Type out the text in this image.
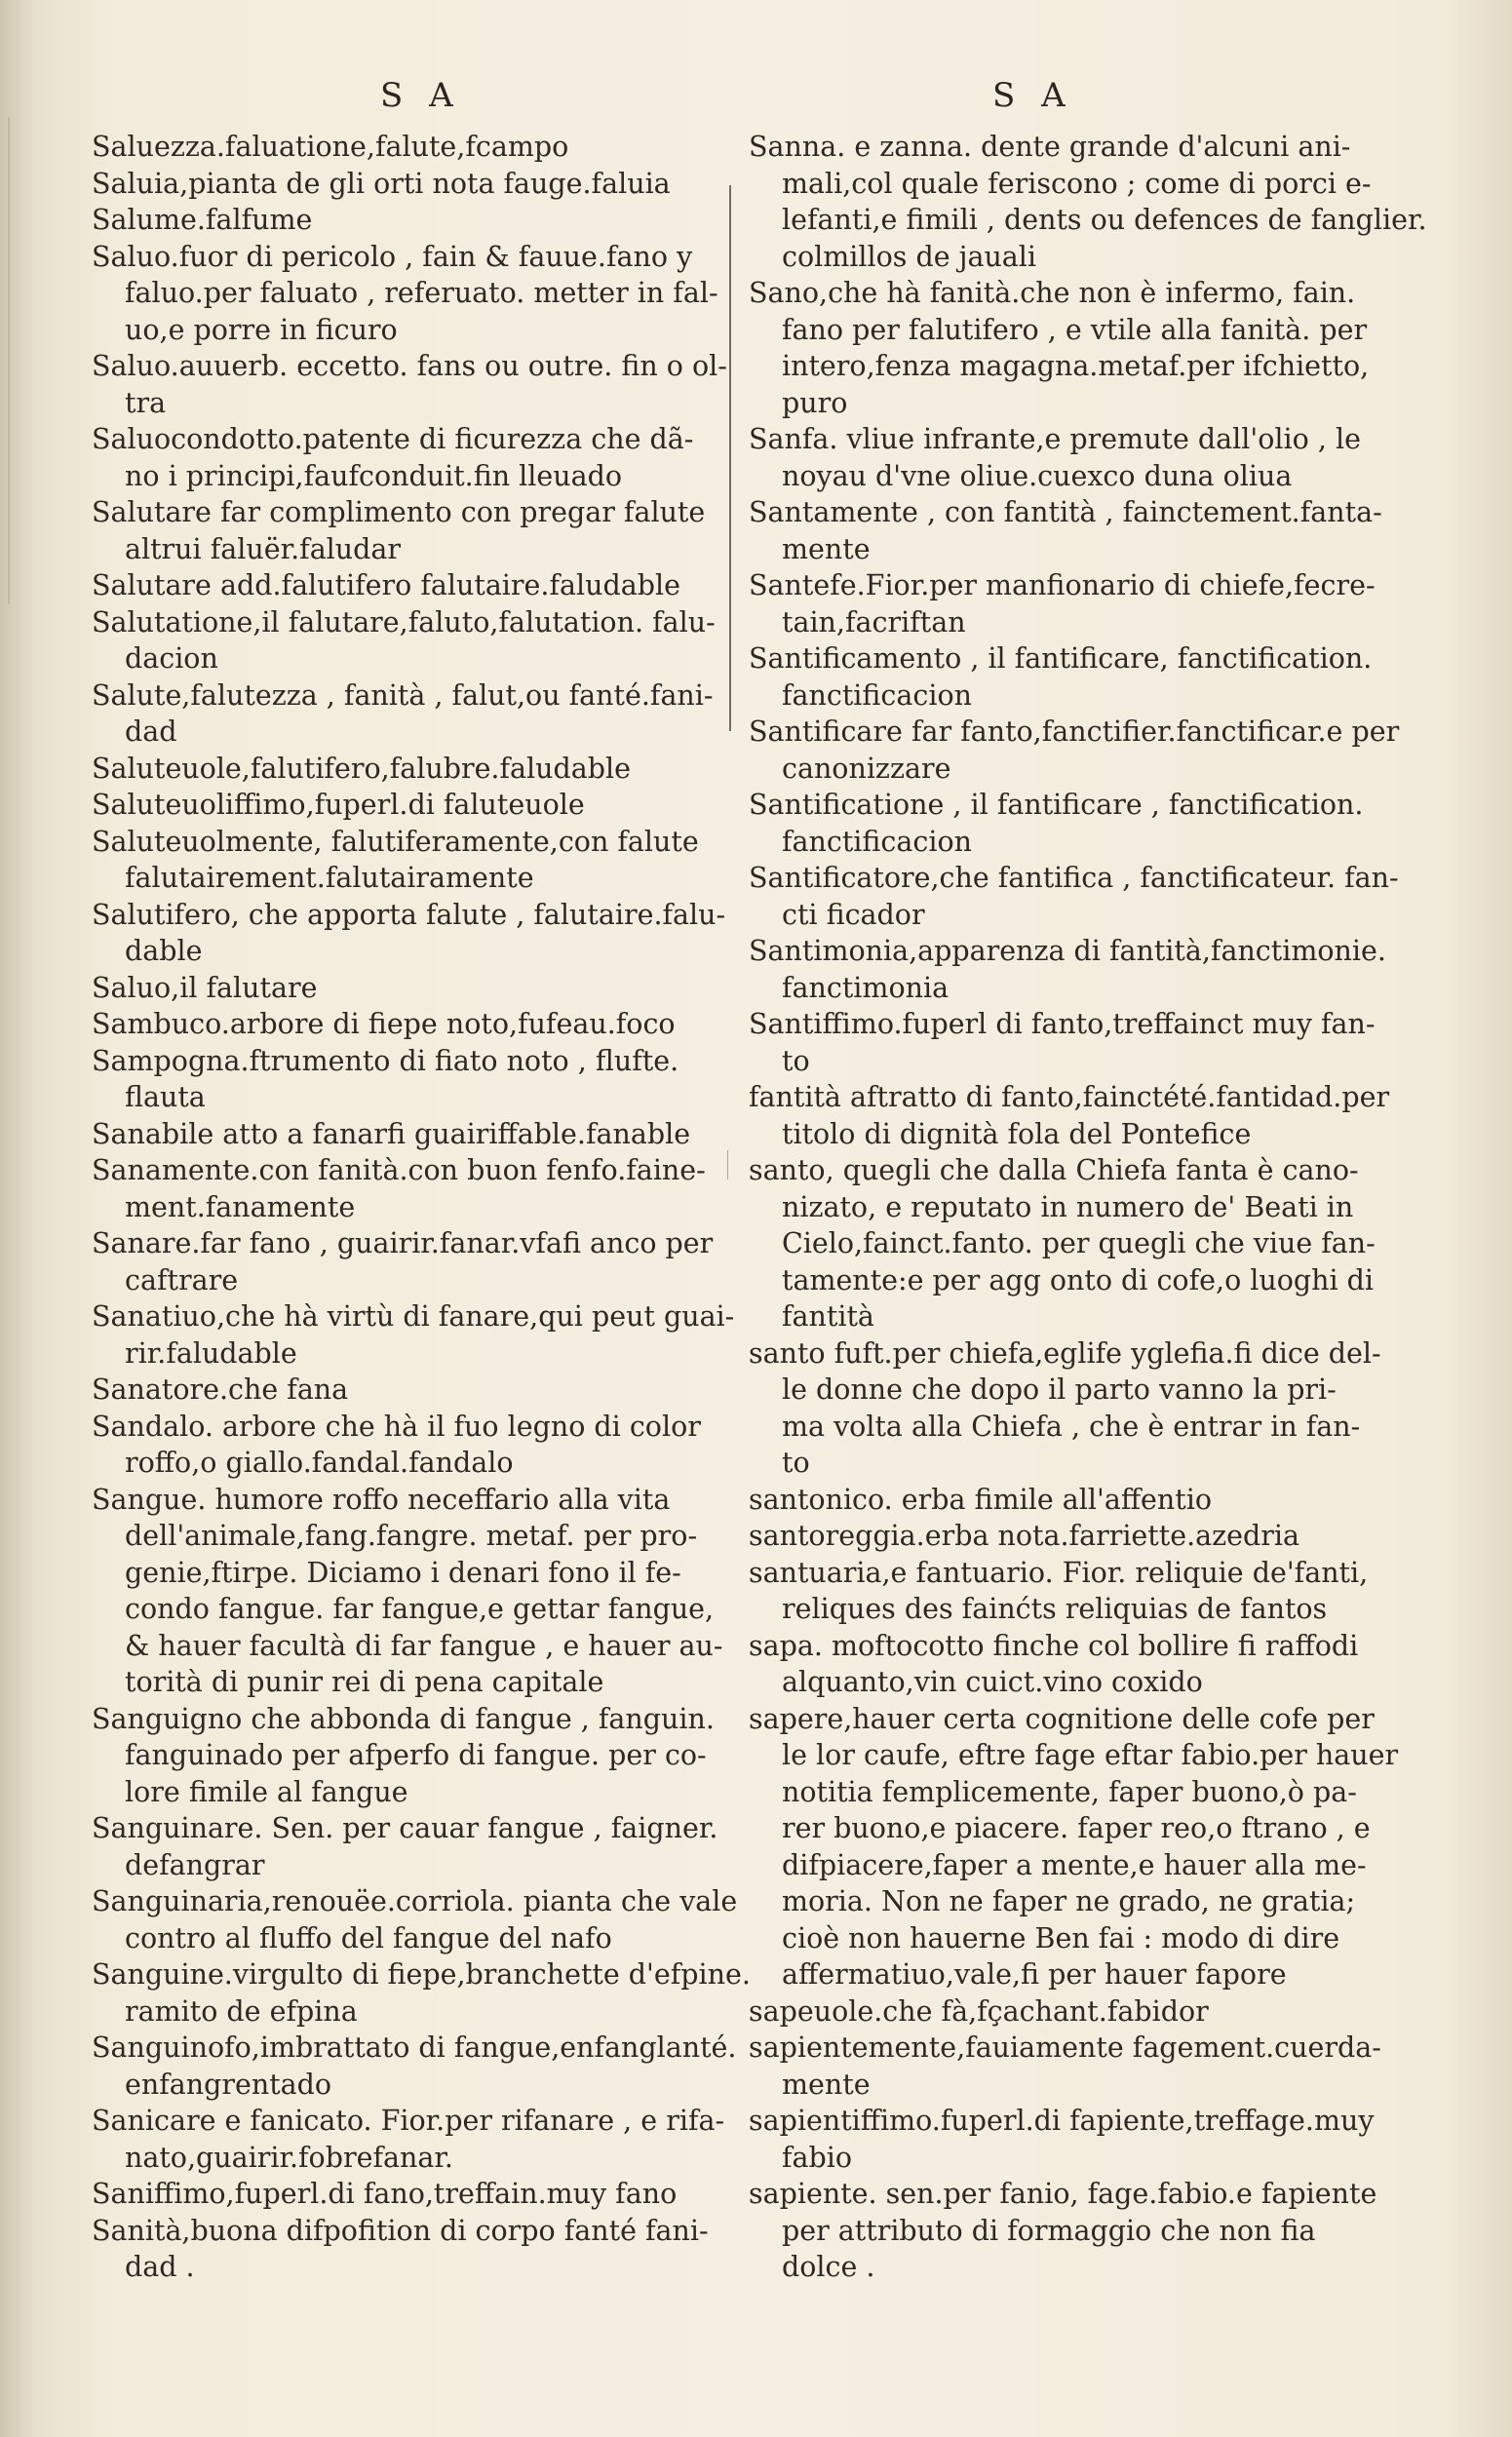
S A	S A
Saluezza.faluatione,falute,fcampo
Saluia,pianta de gli orti nota fauge.faluia
Salume.falfume
Saluo.fuor di pericolo , fain & fauue.fano y
faluo.per faluato , referuato. metter in fal-
uo,e porre in ficuro
Saluo.auuerb. eccetto. fans ou outre. fin o ol-
tra
Saluocondotto.patente di ficurezza che dã-
no i principi,faufconduit.fin lleuado
Salutare far complimento con pregar falute
altrui faluër.faludar
Salutare add.falutifero falutaire.faludable
Salutatione,il falutare,faluto,falutation. falu-
dacion
Salute,falutezza , fanità , falut,ou fanté.fani-
dad
Saluteuole,falutifero,falubre.faludable
Saluteuoliffimo,fuperl.di faluteuole
Saluteuolmente, falutiferamente,con falute
falutairement.falutairamente
Salutifero, che apporta falute , falutaire.falu-
dable
Saluo,il falutare
Sambuco.arbore di fiepe noto,fufeau.foco
Sampogna.ftrumento di fiato noto , flufte.
flauta
Sanabile atto a fanarfi guairiffable.fanable
Sanamente.con fanità.con buon fenfo.faine-
ment.fanamente
Sanare.far fano , guairir.fanar.vfafi anco per
caftrare
Sanatiuo,che hà virtù di fanare,qui peut guai-
rir.faludable
Sanatore.che fana
Sandalo. arbore che hà il fuo legno di color
roffo,o giallo.fandal.fandalo
Sangue. humore roffo neceffario alla vita
dell'animale,fang.fangre. metaf. per pro-
genie,ftirpe. Diciamo i denari fono il fe-
condo fangue. far fangue,e gettar fangue,
& hauer facultà di far fangue , e hauer au-
torità di punir rei di pena capitale
Sanguigno che abbonda di fangue , fanguin.
fanguinado per afperfo di fangue. per co-
lore fimile al fangue
Sanguinare. Sen. per cauar fangue , faigner.
defangrar
Sanguinaria,renouëe.corriola. pianta che vale
contro al fluffo del fangue del nafo
Sanguine.virgulto di fiepe,branchette d'efpine.
ramito de efpina
Sanguinofo,imbrattato di fangue,enfanglanté.
enfangrentado
Sanicare e fanicato. Fior.per rifanare , e rifa-
nato,guairir.fobrefanar.
Saniffimo,fuperl.di fano,treffain.muy fano
Sanità,buona difpofition di corpo fanté fani-
dad .
Sanna. e zanna. dente grande d'alcuni ani-
mali,col quale feriscono ; come di porci e-
lefanti,e fimili , dents ou defences de fanglier.
colmillos de jauali
Sano,che hà fanità.che non è infermo, fain.
fano per falutifero , e vtile alla fanità. per
intero,fenza magagna.metaf.per ifchietto,
puro
Sanfa. vliue infrante,e premute dall'olio , le
noyau d'vne oliue.cuexco duna oliua
Santamente , con fantità , fainctement.fanta-
mente
Santefe.Fior.per manfionario di chiefe,fecre-
tain,facriftan
Santificamento , il fantificare, fanctification.
fanctificacion
Santificare far fanto,fanctifier.fanctificar.e per
canonizzare
Santificatione , il fantificare , fanctification.
fanctificacion
Santificatore,che fantifica , fanctificateur. fan-
cti ficador
Santimonia,apparenza di fantità,fanctimonie.
fanctimonia
Santiffimo.fuperl di fanto,treffainct muy fan-
to
fantità aftratto di fanto,fainctété.fantidad.per
titolo di dignità fola del Pontefice
santo, quegli che dalla Chiefa fanta è cano-
nizato, e reputato in numero de' Beati in
Cielo,fainct.fanto. per quegli che viue fan-
tamente:e per agg onto di cofe,o luoghi di
fantità
santo fuft.per chiefa,eglife yglefia.fi dice del-
le donne che dopo il parto vanno la pri-
ma volta alla Chiefa , che è entrar in fan-
to
santonico. erba fimile all'affentio
santoreggia.erba nota.farriette.azedria
santuaria,e fantuario. Fior. reliquie de'fanti,
reliques des fainćts reliquias de fantos
sapa. moftocotto finche col bollire fi raffodi
alquanto,vin cuict.vino coxido
sapere,hauer certa cognitione delle cofe per
le lor caufe, eftre fage eftar fabio.per hauer
notitia femplicemente, faper buono,ò pa-
rer buono,e piacere. faper reo,o ftrano , e
difpiacere,faper a mente,e hauer alla me-
moria. Non ne faper ne grado, ne gratia;
cioè non hauerne Ben fai : modo di dire
affermatiuo,vale,fi per hauer fapore
sapeuole.che fà,fçachant.fabidor
sapientemente,fauiamente fagement.cuerda-
mente
sapientiffimo.fuperl.di fapiente,treffage.muy
fabio
sapiente. sen.per fanio, fage.fabio.e fapiente
per attributo di formaggio che non fia
dolce .
